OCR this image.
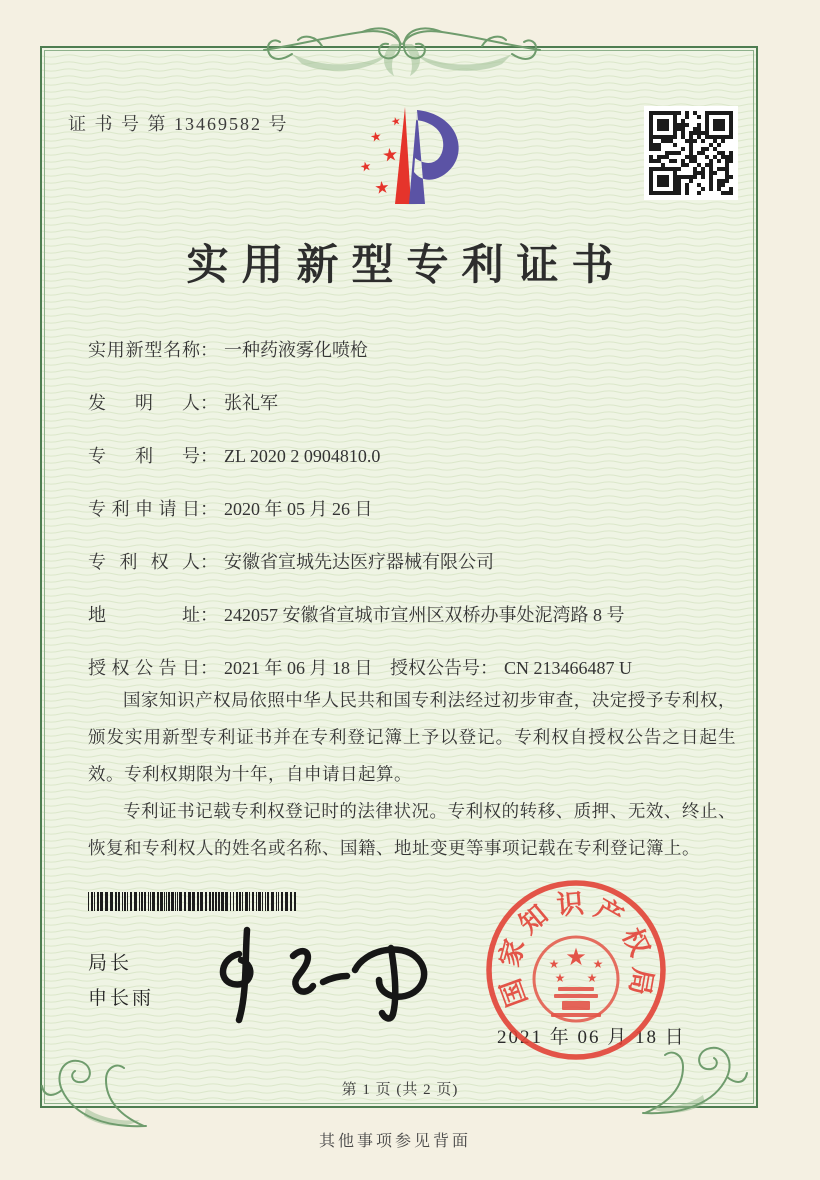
证 书 号 第 13469582 号	★
★
★
★
★
实用新型专利证书
实用新型名称： 一种药液雾化喷枪
发明人： 张礼军
专利号： ZL 2020 2 0904810.0
专利申请日： 2020 年 05 月 26 日
专利权人： 安徽省宣城先达医疗器械有限公司
地址： 242057 安徽省宣城市宣州区双桥办事处泥湾路 8 号
授权公告日： 2021 年 06 月 18 日 授权公告号： CN 213466487 U

国家知识产权局依照中华人民共和国专利法经过初步审查，决定授予专利权，颁发实用新型专利证书并在专利登记簿上予以登记。专利权自授权公告之日起生效。专利权期限为十年，自申请日起算。

专利证书记载专利权登记时的法律状况。专利权的转移、质押、无效、终止、恢复和专利权人的姓名或名称、国籍、地址变更等事项记载在专利登记簿上。

局长
申长雨
2021 年 06 月 18 日
国
家
知 识 产
权
局
★
★	★
★ ★
第 1 页 (共 2 页)
其他事项参见背面
